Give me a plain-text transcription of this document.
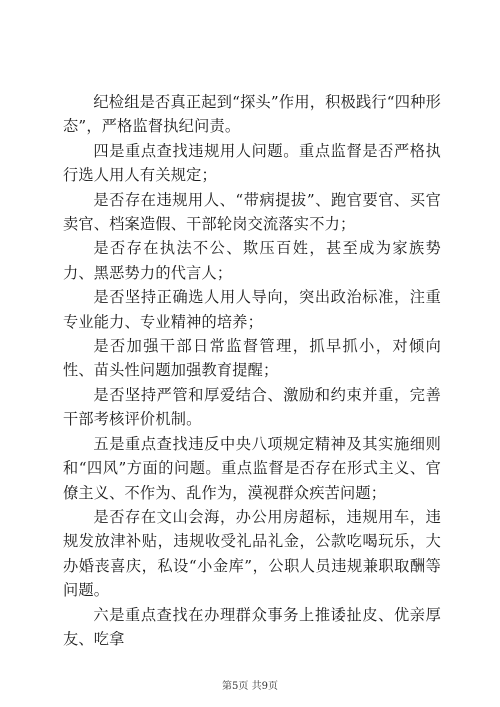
纪检组是否真正起到“探头”作用，积极践行“四种形态”，严格监督执纪问责。

四是重点查找违规用人问题。重点监督是否严格执行选人用人有关规定；

是否存在违规用人、“带病提拔”、跑官要官、买官卖官、档案造假、干部轮岗交流落实不力；

是否存在执法不公、欺压百姓，甚至成为家族势力、黑恶势力的代言人；

是否坚持正确选人用人导向，突出政治标准，注重专业能力、专业精神的培养；

是否加强干部日常监督管理，抓早抓小，对倾向性、苗头性问题加强教育提醒；

是否坚持严管和厚爱结合、激励和约束并重，完善干部考核评价机制。

五是重点查找违反中央八项规定精神及其实施细则和“四风”方面的问题。重点监督是否存在形式主义、官僚主义、不作为、乱作为，漠视群众疾苦问题；

是否存在文山会海，办公用房超标，违规用车，违规发放津补贴，违规收受礼品礼金，公款吃喝玩乐，大办婚丧喜庆，私设“小金库”，公职人员违规兼职取酬等问题。

六是重点查找在办理群众事务上推诿扯皮、优亲厚友、吃拿

第5页 共9页
